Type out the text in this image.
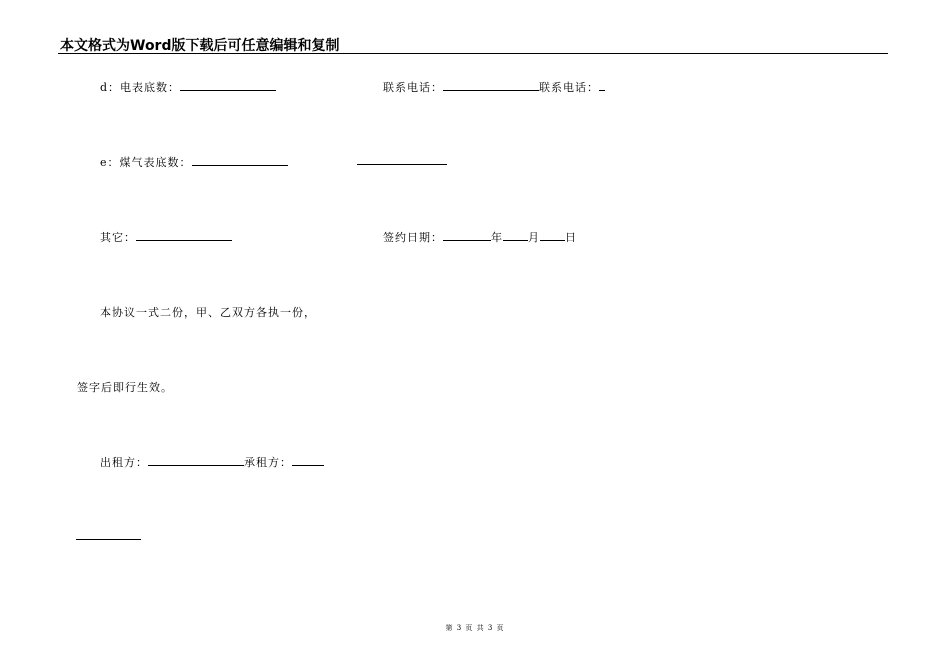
本文格式为Word版下载后可任意编辑和复制
d：电表底数：	联系电话：	联系电话：
e：煤气表底数：
其它：	签约日期：	年 月 日
本协议一式二份，甲、乙双方各执一份，
签字后即行生效。
出租方：	承租方：
第 3 页 共 3 页
